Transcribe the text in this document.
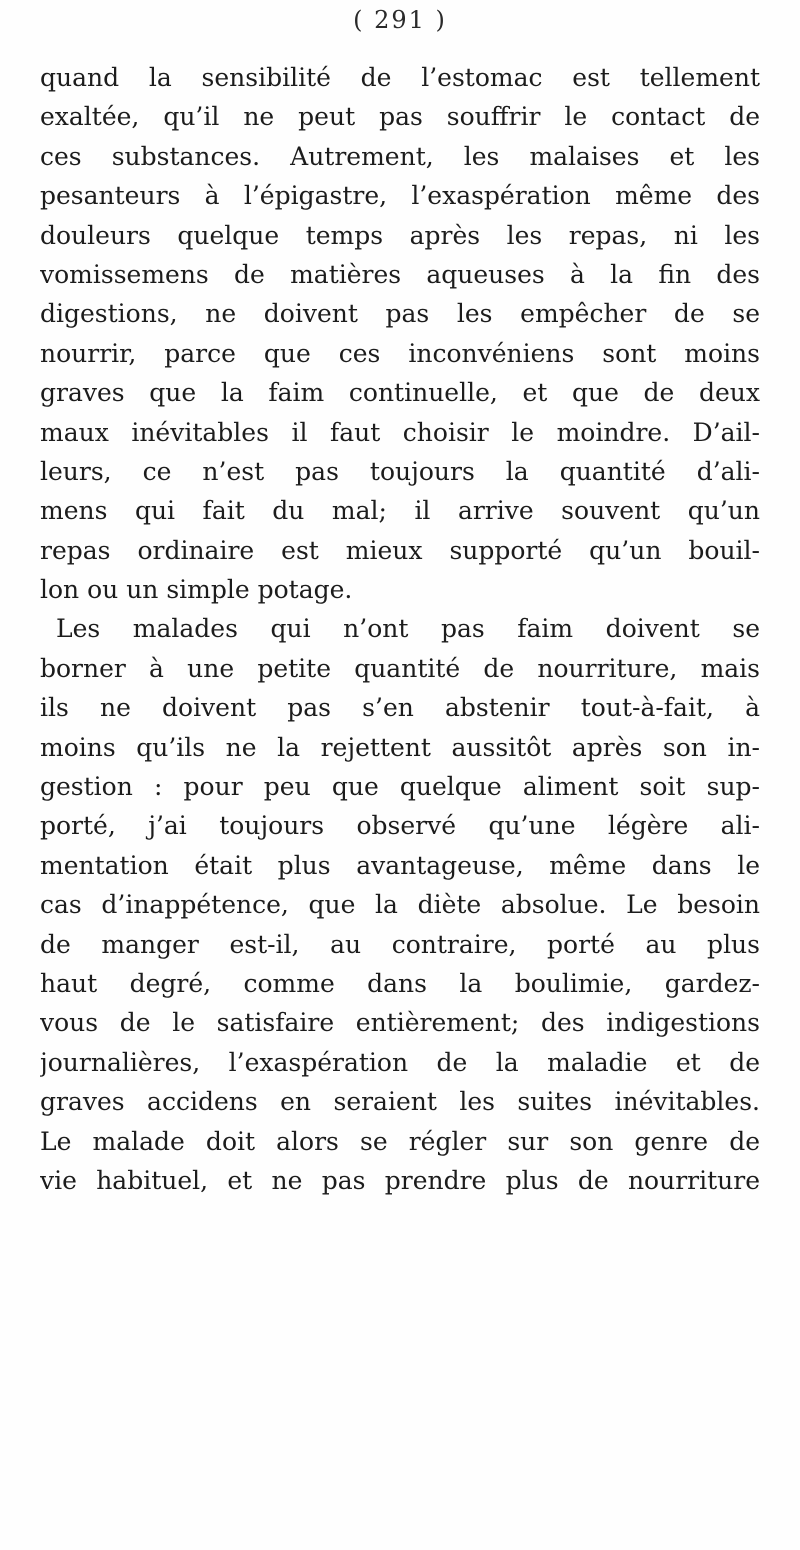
( 291 )
quand la sensibilité de l’estomac est tellement
exaltée, qu’il ne peut pas souffrir le contact de
ces substances. Autrement, les malaises et les
pesanteurs à l’épigastre, l’exaspération même des
douleurs quelque temps après les repas, ni les
vomissemens de matières aqueuses à la fin des
digestions, ne doivent pas les empêcher de se
nourrir, parce que ces inconvéniens sont moins
graves que la faim continuelle, et que de deux
maux inévitables il faut choisir le moindre. D’ail-
leurs, ce n’est pas toujours la quantité d’ali-
mens qui fait du mal; il arrive souvent qu’un
repas ordinaire est mieux supporté qu’un bouil-
lon ou un simple potage.
Les malades qui n’ont pas faim doivent se
borner à une petite quantité de nourriture, mais
ils ne doivent pas s’en abstenir tout-à-fait, à
moins qu’ils ne la rejettent aussitôt après son in-
gestion : pour peu que quelque aliment soit sup-
porté, j’ai toujours observé qu’une légère ali-
mentation était plus avantageuse, même dans le
cas d’inappétence, que la diète absolue. Le besoin
de manger est-il, au contraire, porté au plus
haut degré, comme dans la boulimie, gardez-
vous de le satisfaire entièrement; des indigestions
journalières, l’exaspération de la maladie et de
graves accidens en seraient les suites inévitables.
Le malade doit alors se régler sur son genre de
vie habituel, et ne pas prendre plus de nourriture
